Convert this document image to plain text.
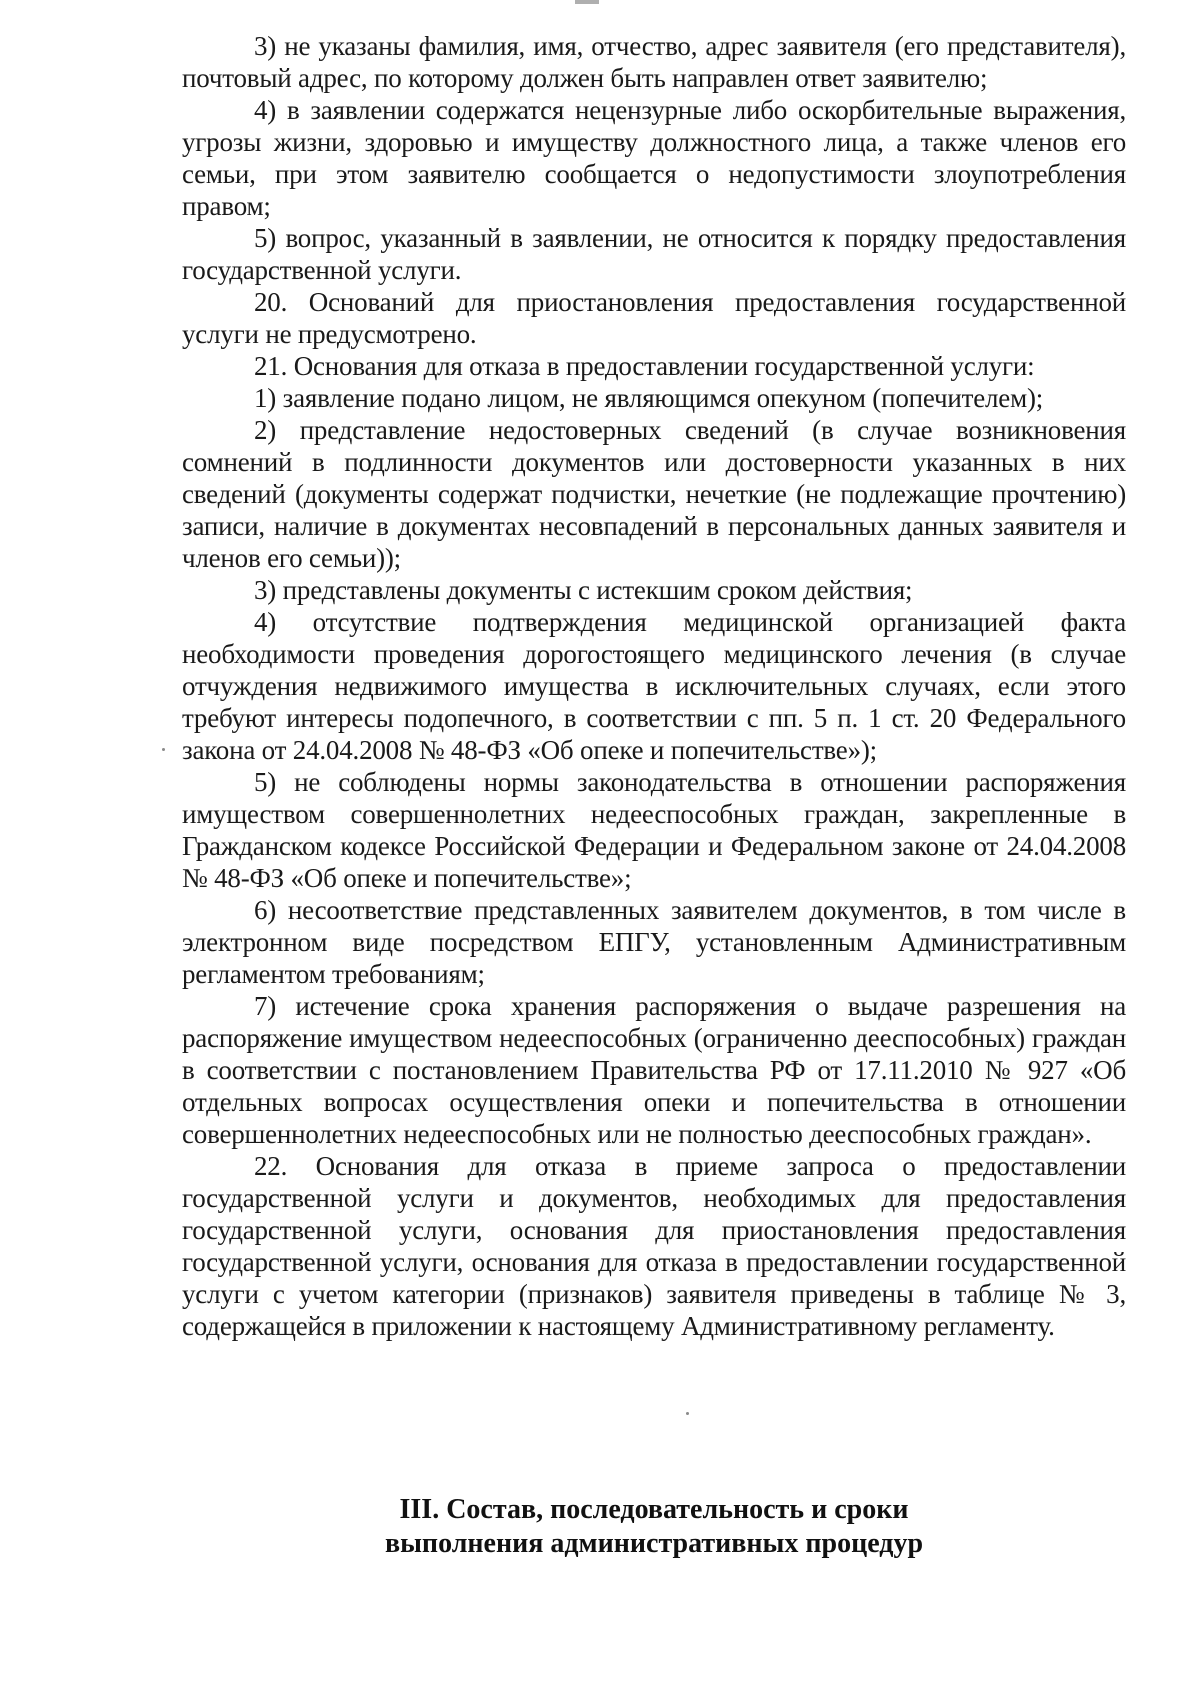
3) не указаны фамилия, имя, отчество, адрес заявителя (его представителя), почтовый адрес, по которому должен быть направлен ответ заявителю;

4) в заявлении содержатся нецензурные либо оскорбительные выражения, угрозы жизни, здоровью и имуществу должностного лица, а также членов его семьи, при этом заявителю сообщается о недопустимости злоупотребления правом;

5) вопрос, указанный в заявлении, не относится к порядку предоставления государственной услуги.

20. Оснований для приостановления предоставления государственной услуги не предусмотрено.

21. Основания для отказа в предоставлении государственной услуги:

1) заявление подано лицом, не являющимся опекуном (попечителем);

2) представление недостоверных сведений (в случае возникновения сомнений в подлинности документов или достоверности указанных в них сведений (документы содержат подчистки, нечеткие (не подлежащие прочтению) записи, наличие в документах несовпадений в персональных данных заявителя и членов его семьи));

3) представлены документы с истекшим сроком действия;

4) отсутствие подтверждения медицинской организацией факта необходимости проведения дорогостоящего медицинского лечения (в случае отчуждения недвижимого имущества в исключительных случаях, если этого требуют интересы подопечного, в соответствии с пп. 5 п. 1 ст. 20 Федерального закона от 24.04.2008 № 48-ФЗ «Об опеке и попечительстве»);

5) не соблюдены нормы законодательства в отношении распоряжения имуществом совершеннолетних недееспособных граждан, закрепленные в Гражданском кодексе Российской Федерации и Федеральном законе от 24.04.2008 № 48-ФЗ «Об опеке и попечительстве»;

6) несоответствие представленных заявителем документов, в том числе в электронном виде посредством ЕПГУ, установленным Административным регламентом требованиям;

7) истечение срока хранения распоряжения о выдаче разрешения на распоряжение имуществом недееспособных (ограниченно дееспособных) граждан в соответствии с постановлением Правительства РФ от 17.11.2010 № 927 «Об отдельных вопросах осуществления опеки и попечительства в отношении совершеннолетних недееспособных или не полностью дееспособных граждан».

22. Основания для отказа в приеме запроса о предоставлении государственной услуги и документов, необходимых для предоставления государственной услуги, основания для приостановления предоставления государственной услуги, основания для отказа в предоставлении государственной услуги с учетом категории (признаков) заявителя приведены в таблице № 3, содержащейся в приложении к настоящему Административному регламенту.

III. Состав, последовательность и сроки
выполнения административных процедур
